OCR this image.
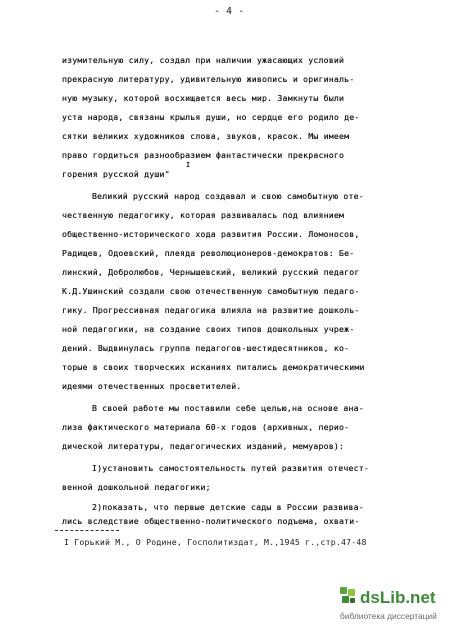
- 4 -
изумительную силу, создал при наличии ужасающих условий
прекрасную литературу, удивительную живопись и оригиналь-
ную музыку, которой восхищается весь мир. Замкнуты были
уста народа, связаны крылья души, но сердце его родило де-
сятки великих художников слова, звуков, красок. Мы имеем
право гордиться разнообразием фантастически прекрасного
горения русской души"
I
Великий русский народ создавал и свою самобытную оте-
чественную педагогику, которая развивалась под влиянием
общественно-исторического хода развития России. Ломоносов,
Радищев, Одоевский, плеяда революционеров-демократов: Бе-
линский, Добролюбов, Чернышевский, великий русский педагог
К.Д.Ушинский создали свою отечественную самобытную педаго-
гику. Прогрессивная педагогика влияла на развитие дошколь-
ной педагогики, на создание своих типов дошкольных учреж-
дений. Выдвинулась группа педагогов-шестидесятников, ко-
торые в своих творческих исканиях питались демократическими
идеями отечественных просветителей.
В своей работе мы поставили себе целью,на основе ана-
лиза фактического материала 60-х годов (архивных, перио-
дической литературы, педагогических изданий, мемуаров):
I)установить самостоятельность путей развития отечест-
венной дошкольной педагогики;
2)показать, что первые детские сады в России развива-
лись вследствие общественно-политического подъема, охвати-
I Горький М., О Родине, Госполитиздат, М.,1945 г.,стр.47-48
dsLib.net
библиотека диссертаций
